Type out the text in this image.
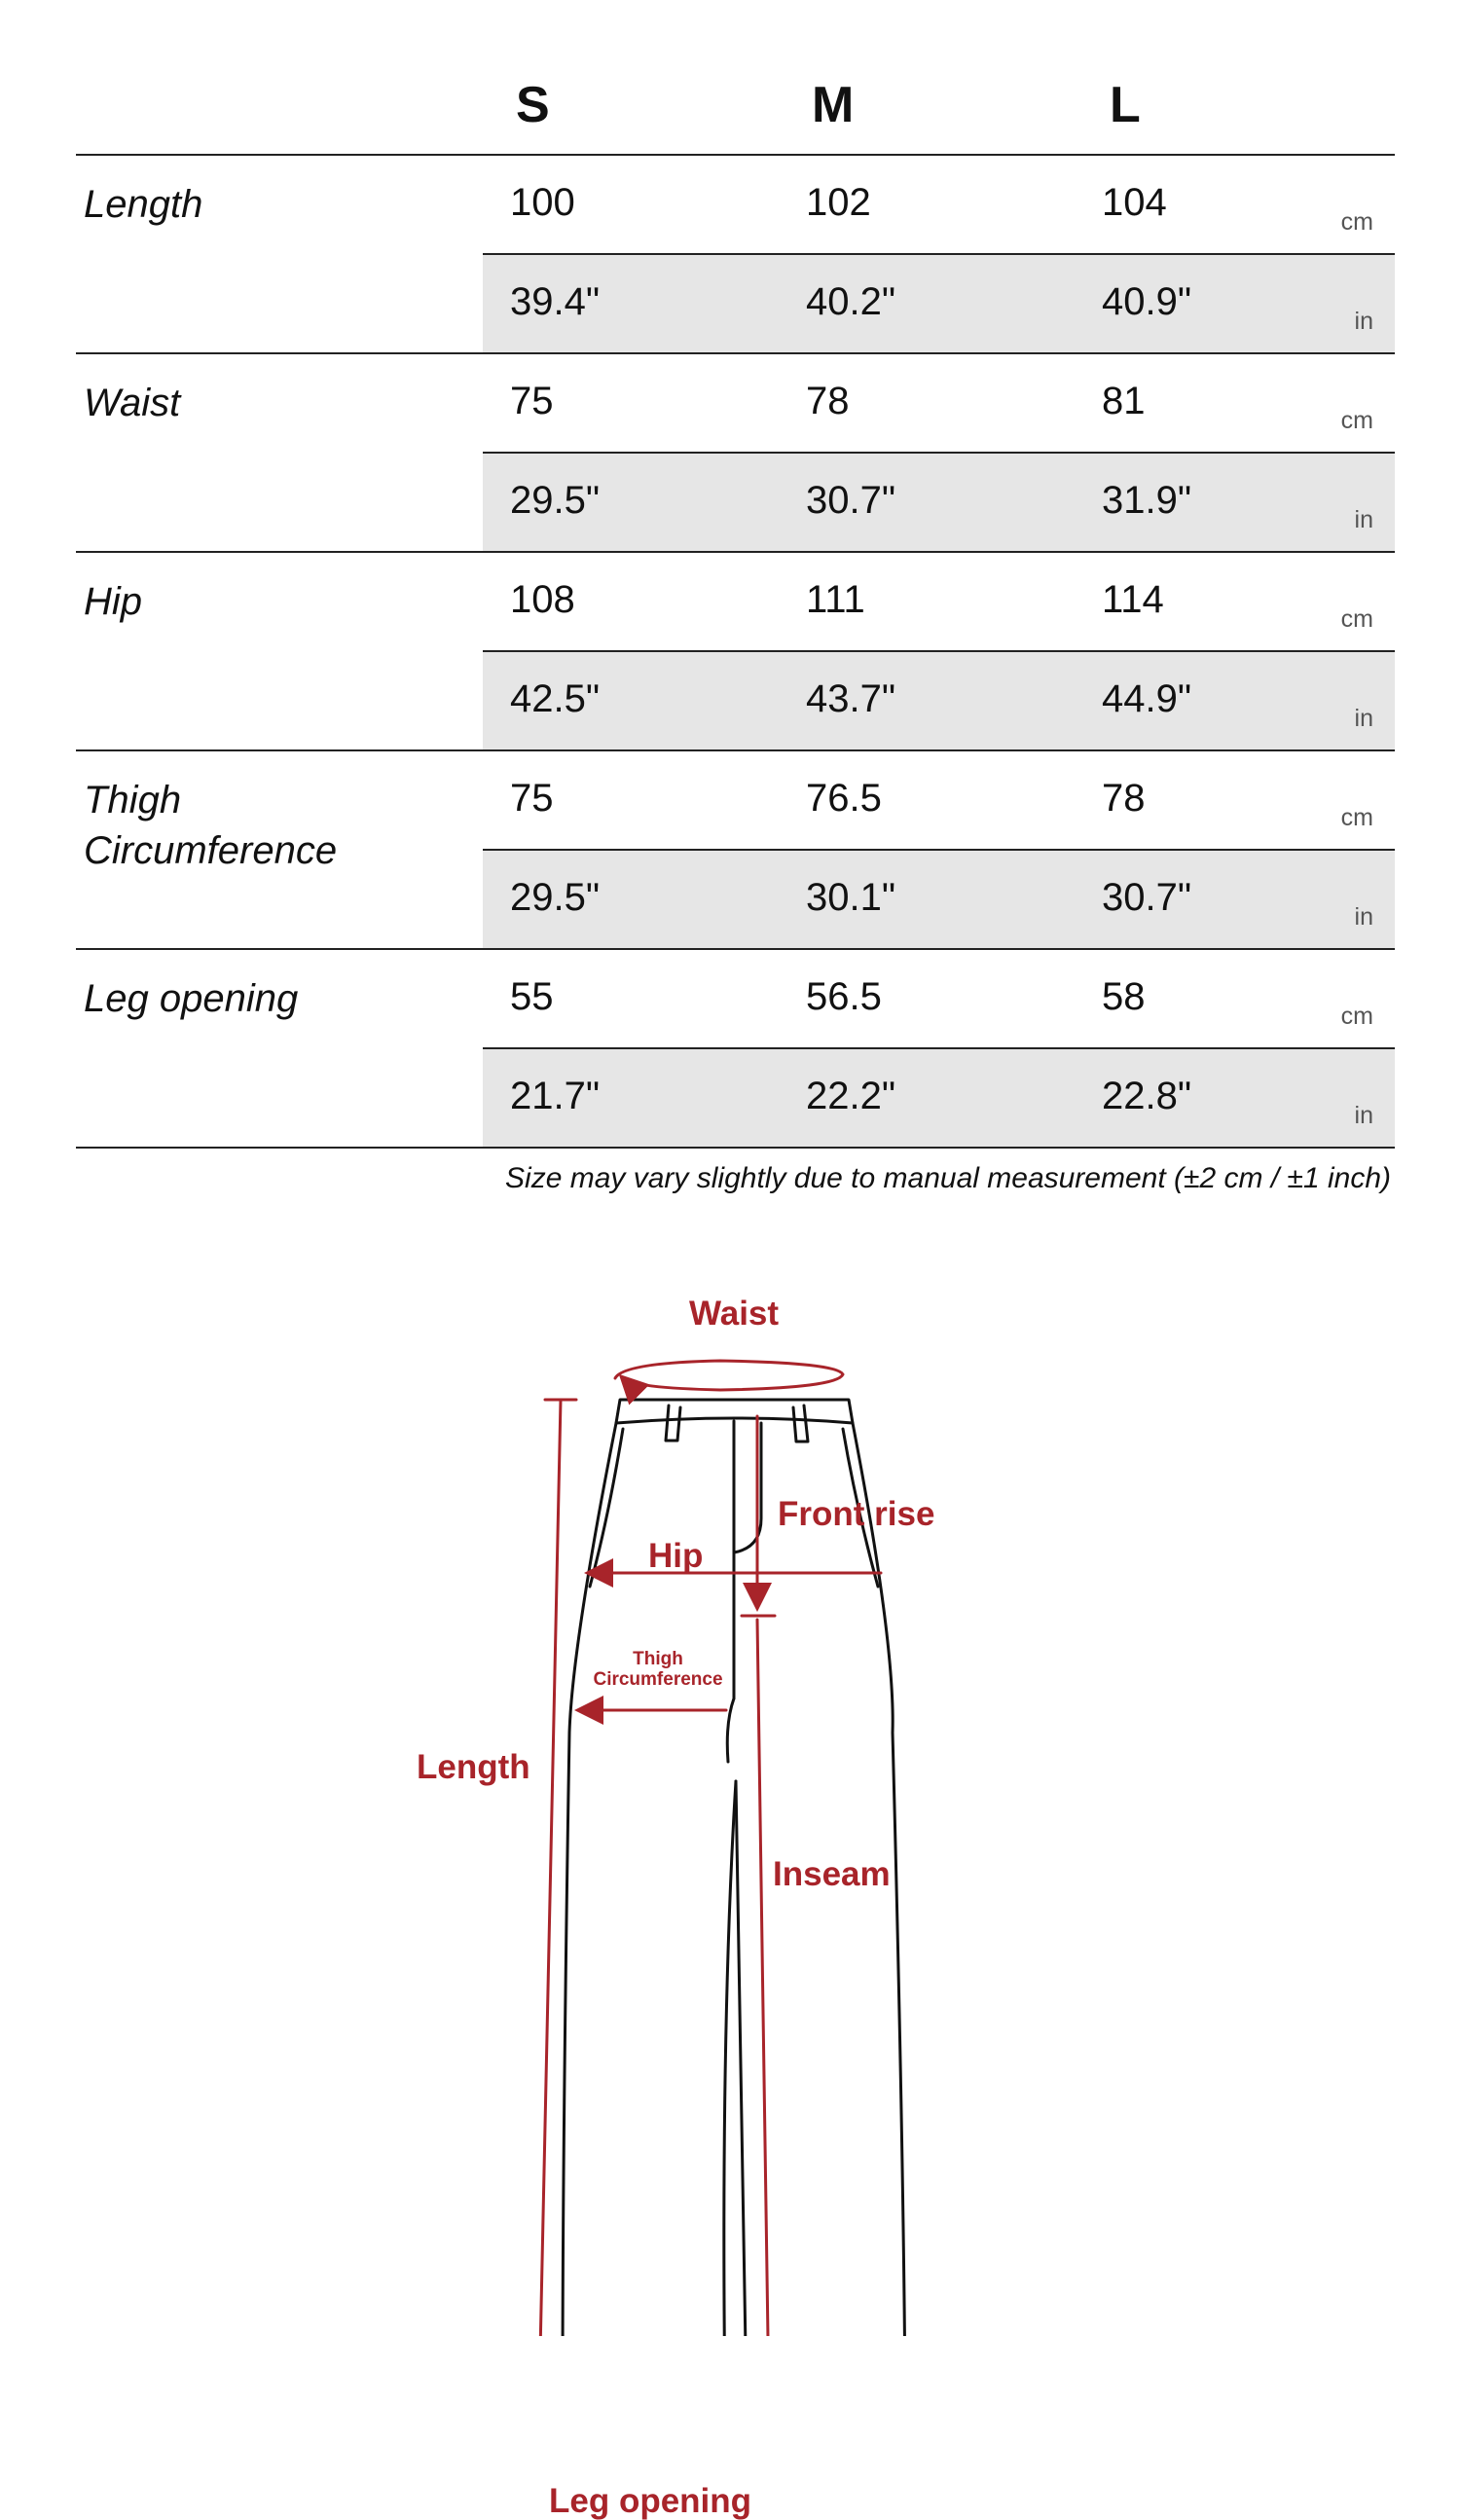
S	M	L
Length	100	102	104	cm
39.4"	40.2"	40.9"	in
Waist	75	78	81	cm
29.5"	30.7"	31.9"	in
Hip	108	111	114	cm
42.5"	43.7"	44.9"	in
Thigh
Circumference
75	76.5	78	cm
29.5"	30.1"	30.7"	in
Leg opening	55	56.5	58	cm
21.7"	22.2"	22.8"	in
Size may vary slightly due to manual measurement (±2 cm / ±1 inch)
Waist
Front rise
Hip
Thigh
Circumference
Length
Inseam
Leg opening
